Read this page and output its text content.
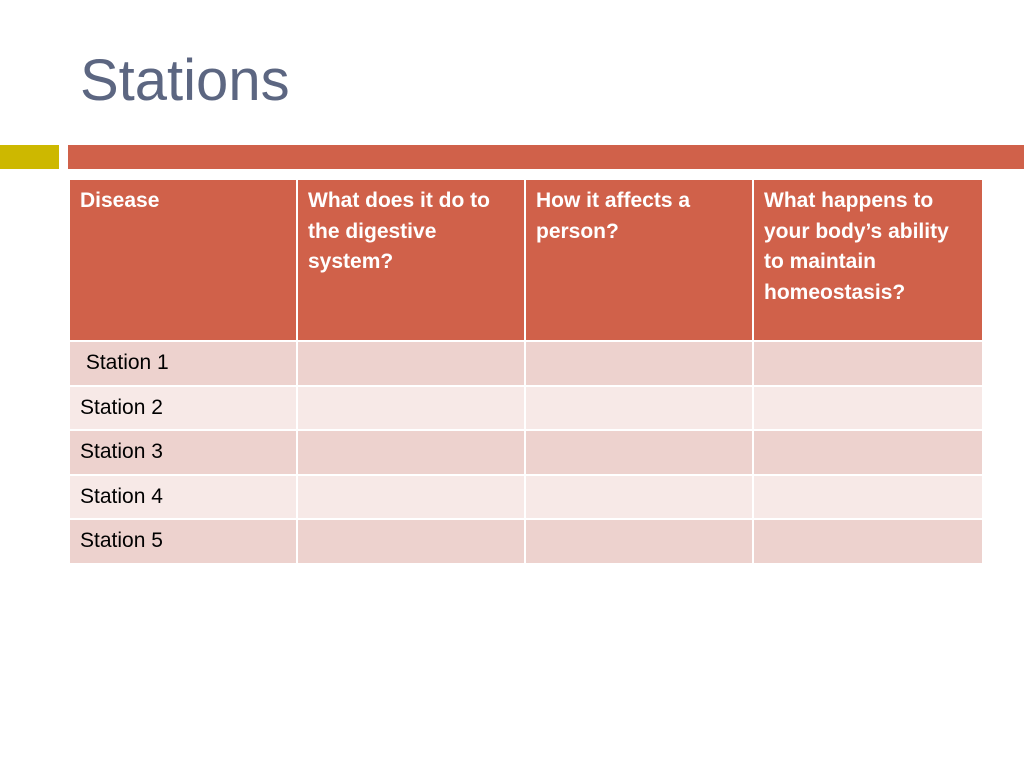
Stations
Disease	What does it do to the digestive system?	How it affects a person?	What happens to your body’s ability to maintain homeostasis?
Station 1			
Station 2			
Station 3			
Station 4			
Station 5			
